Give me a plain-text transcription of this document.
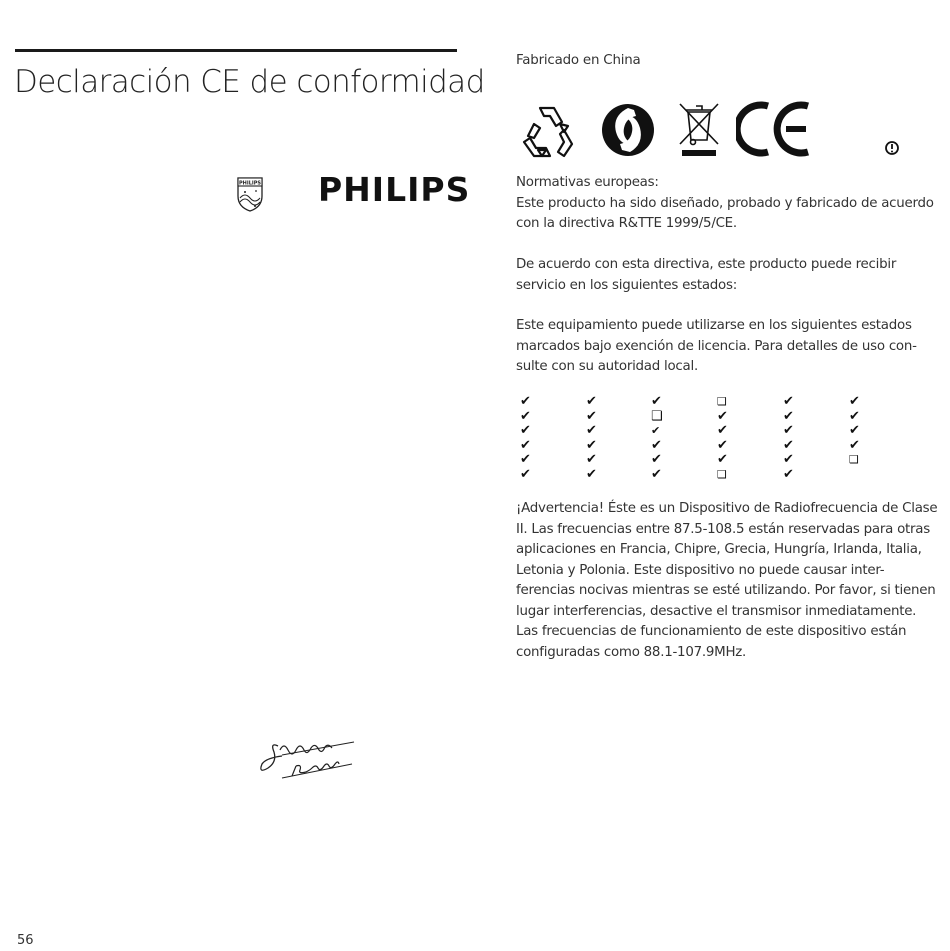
Declaración CE de conformidad
PHILIPS PHILIPS
56
Fabricado en China

Normativas europeas:
Este producto ha sido diseñado, probado y fabricado de acuerdo con la directiva R&TTE 1999/5/CE.

De acuerdo con esta directiva, este producto puede recibir servicio en los siguientes estados:

Este equipamiento puede utilizarse en los siguientes estados marcados bajo exención de licencia. Para detalles de uso con-sulte con su autoridad local.

✔
✔
✔
✔
✔
✔
✔
✔
✔
✔
✔
✔
✔
❑
✔
✔
✔
✔
❑
✔
✔
✔
✔
❑
✔
✔
✔
✔
✔
✔
✔
✔
✔
✔
❑

¡Advertencia! Éste es un Dispositivo de Radiofrecuencia de Clase II. Las frecuencias entre 87.5-108.5 están reservadas para otras aplicaciones en Francia, Chipre, Grecia, Hungría, Irlanda, Italia, Letonia y Polonia. Este dispositivo no puede causar inter-ferencias nocivas mientras se esté utilizando. Por favor, si tienen lugar interferencias, desactive el transmisor inmediatamente. Las frecuencias de funcionamiento de este dispositivo están configuradas como 88.1-107.9MHz.
